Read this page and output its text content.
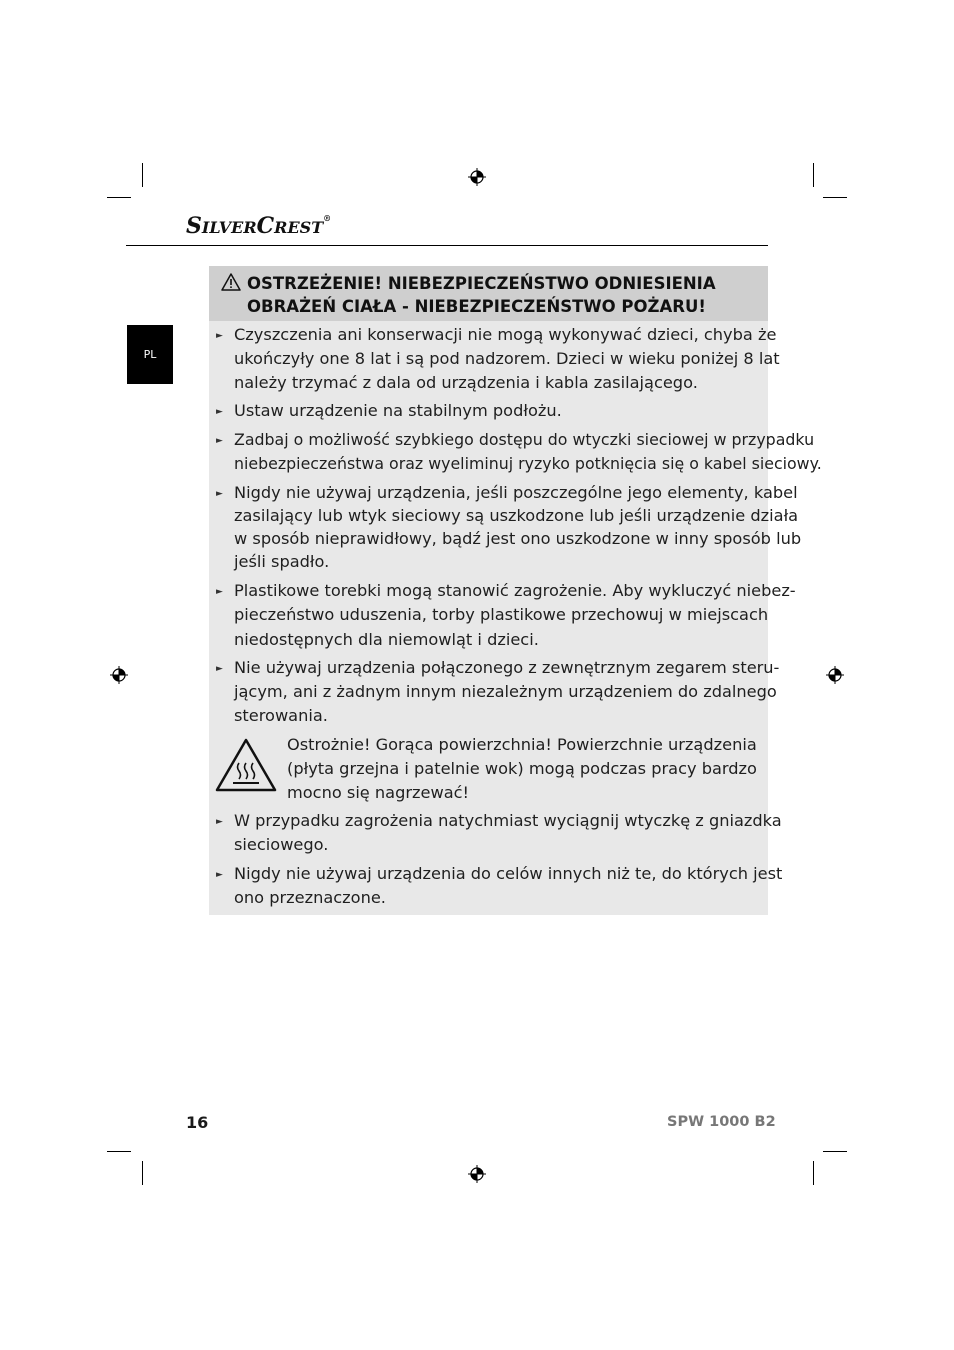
SILVERCREST®
PL
OSTRZEŻENIE! NIEBEZPIECZEŃSTWO ODNIESIENIA
OBRAŻEŃ CIAŁA - NIEBEZPIECZEŃSTWO POŻARU!
► Czyszczenia ani konserwacji nie mogą wykonywać dzieci, chyba że
ukończyły one 8 lat i są pod nadzorem. Dzieci w wieku poniżej 8 lat
należy trzymać z dala od urządzenia i kabla zasilającego.
► Ustaw urządzenie na stabilnym podłożu.
► Zadbaj o możliwość szybkiego dostępu do wtyczki sieciowej w przypadku
niebezpieczeństwa oraz wyeliminuj ryzyko potknięcia się o kabel sieciowy.
► Nigdy nie używaj urządzenia, jeśli poszczególne jego elementy, kabel
zasilający lub wtyk sieciowy są uszkodzone lub jeśli urządzenie działa
w sposób nieprawidłowy, bądź jest ono uszkodzone w inny sposób lub
jeśli spadło.
► Plastikowe torebki mogą stanowić zagrożenie. Aby wykluczyć niebez-
pieczeństwo uduszenia, torby plastikowe przechowuj w miejscach
niedostępnych dla niemowląt i dzieci.
► Nie używaj urządzenia połączonego z zewnętrznym zegarem steru-
jącym, ani z żadnym innym niezależnym urządzeniem do zdalnego
sterowania.
Ostrożnie! Gorąca powierzchnia! Powierzchnie urządzenia
(płyta grzejna i patelnie wok) mogą podczas pracy bardzo
mocno się nagrzewać!
► W przypadku zagrożenia natychmiast wyciągnij wtyczkę z gniazdka
sieciowego.
► Nigdy nie używaj urządzenia do celów innych niż te, do których jest
ono przeznaczone.
16	SPW 1000 B2
